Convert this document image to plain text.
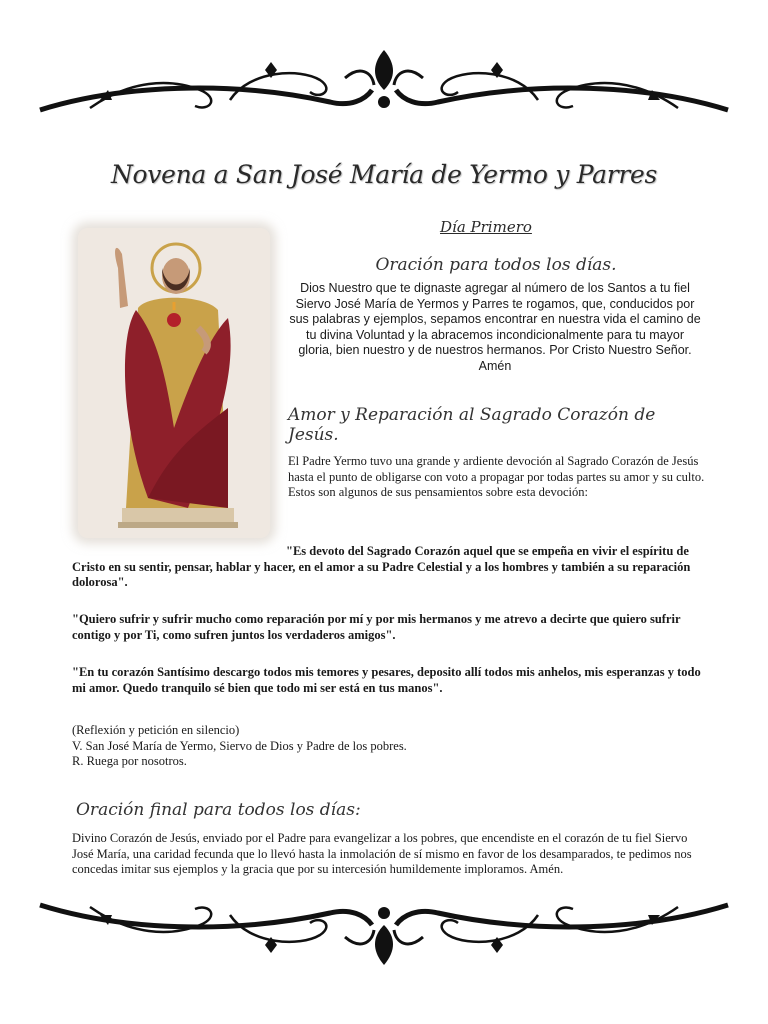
Novena a San José María de Yermo y Parres
Día Primero
Oración para todos los días.

Dios Nuestro que te dignaste agregar al número de los Santos a tu fiel Siervo José María de Yermos y Parres te rogamos, que, conducidos por sus palabras y ejemplos, sepamos encontrar en nuestra vida el camino de tu divina Voluntad y la abracemos incondicionalmente para tu mayor gloria, bien nuestro y de nuestros hermanos. Por Cristo Nuestro Señor. Amén

Amor y Reparación al Sagrado Corazón de Jesús.

El Padre Yermo tuvo una grande y ardiente devoción al Sagrado Corazón de Jesús hasta el punto de obligarse con voto a propagar por todas partes su amor y su culto.
Estos son algunos de sus pensamientos sobre esta devoción:

"Es devoto del Sagrado Corazón aquel que se empeña en vivir el espíritu de Cristo en su sentir, pensar, hablar y hacer, en el amor a su Padre Celestial y a los hombres y también a su reparación dolorosa".

"Quiero sufrir y sufrir mucho como reparación por mí y por mis hermanos y me atrevo a decirte que quiero sufrir contigo y por Ti, como sufren juntos los verdaderos amigos".

"En tu corazón Santísimo descargo todos mis temores y pesares, deposito allí todos mis anhelos, mis esperanzas y todo mi amor. Quedo tranquilo sé bien que todo mi ser está en tus manos".

(Reflexión y petición en silencio)
V. San José María de Yermo, Siervo de Dios y Padre de los pobres.
R. Ruega por nosotros.

Oración final para todos los días:

Divino Corazón de Jesús, enviado por el Padre para evangelizar a los pobres, que encendiste en el corazón de tu fiel Siervo José María, una caridad fecunda que lo llevó hasta la inmolación de sí mismo en favor de los desamparados, te pedimos nos concedas imitar sus ejemplos y la gracia que por su intercesión humildemente imploramos. Amén.
